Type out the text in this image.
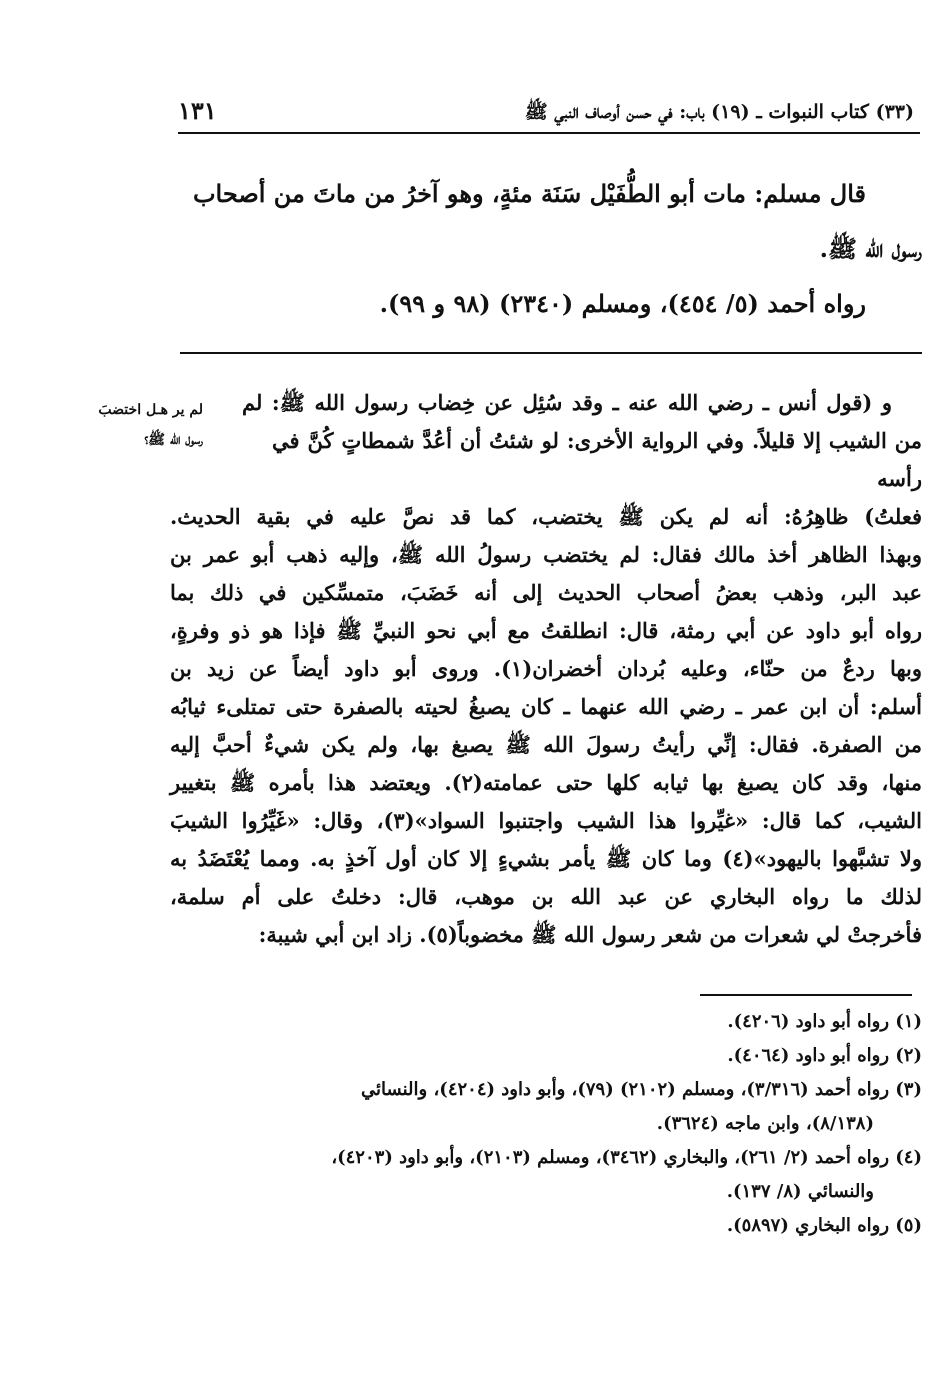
(٣٣) كتاب النبوات ـ (١٩) باب: في حسن أوصاف النبي ﷺ
١٣١

قال مسلم: مات أبو الطُّفَيْل سَنَة مئةٍ، وهو آخرُ من ماتَ من أصحاب

رسول الله ﷺ.

رواه أحمد (٥/ ٤٥٤)، ومسلم (٢٣٤٠) (٩٨ و ٩٩).

لم ير هـل اختضبَ
رسول الله ﷺ؟

و (قول أنس ـ رضي الله عنه ـ وقد سُئِل عن خِضاب رسول الله ﷺ: لم

من الشيب إلا قليلاً. وفي الرواية الأخرى: لو شئتُ أن أعُدَّ شمطاتٍ كُنَّ في رأسه

فعلتُ) ظاهِرُهُ: أنه لم يكن ﷺ يختضب، كما قد نصَّ عليه في بقية الحديث.

وبهذا الظاهر أخذ مالك فقال: لم يختضب رسولُ الله ﷺ، وإليه ذهب أبو عمر بن

عبد البر، وذهب بعضُ أصحاب الحديث إلى أنه خَضَبَ، متمسِّكين في ذلك بما

رواه أبو داود عن أبي رمثة، قال: انطلقتُ مع أبي نحو النبيِّ ﷺ فإذا هو ذو وفرةٍ،

وبها ردعٌ من حنّاء، وعليه بُردان أخضران(١). وروى أبو داود أيضاً عن زيد بن

أسلم: أن ابن عمر ـ رضي الله عنهما ـ كان يصبغُ لحيته بالصفرة حتى تمتلىء ثيابُه

من الصفرة. فقال: إنِّي رأيتُ رسولَ الله ﷺ يصبغ بها، ولم يكن شيءٌ أحبَّ إليه

منها، وقد كان يصبغ بها ثيابه كلها حتى عمامته(٢). ويعتضد هذا بأمره ﷺ بتغيير

الشيب، كما قال: «غيِّروا هذا الشيب واجتنبوا السواد»(٣)، وقال: «غَيِّرُوا الشيبَ

ولا تشبَّهوا باليهود»(٤) وما كان ﷺ يأمر بشيءٍ إلا كان أول آخذٍ به. ومما يُعْتَضَدُ به

لذلك ما رواه البخاري عن عبد الله بن موهب، قال: دخلتُ على أم سلمة،

فأخرجتْ لي شعرات من شعر رسول الله ﷺ مخضوباً(٥). زاد ابن أبي شيبة:

(١) رواه أبو داود (٤٢٠٦).

(٢) رواه أبو داود (٤٠٦٤).

(٣) رواه أحمد (٣/٣١٦)، ومسلم (٢١٠٢) (٧٩)، وأبو داود (٤٢٠٤)، والنسائي

(٨/١٣٨)، وابن ماجه (٣٦٢٤).

(٤) رواه أحمد (٢/ ٢٦١)، والبخاري (٣٤٦٢)، ومسلم (٢١٠٣)، وأبو داود (٤٢٠٣)،

والنسائي (٨/ ١٣٧).

(٥) رواه البخاري (٥٨٩٧).
